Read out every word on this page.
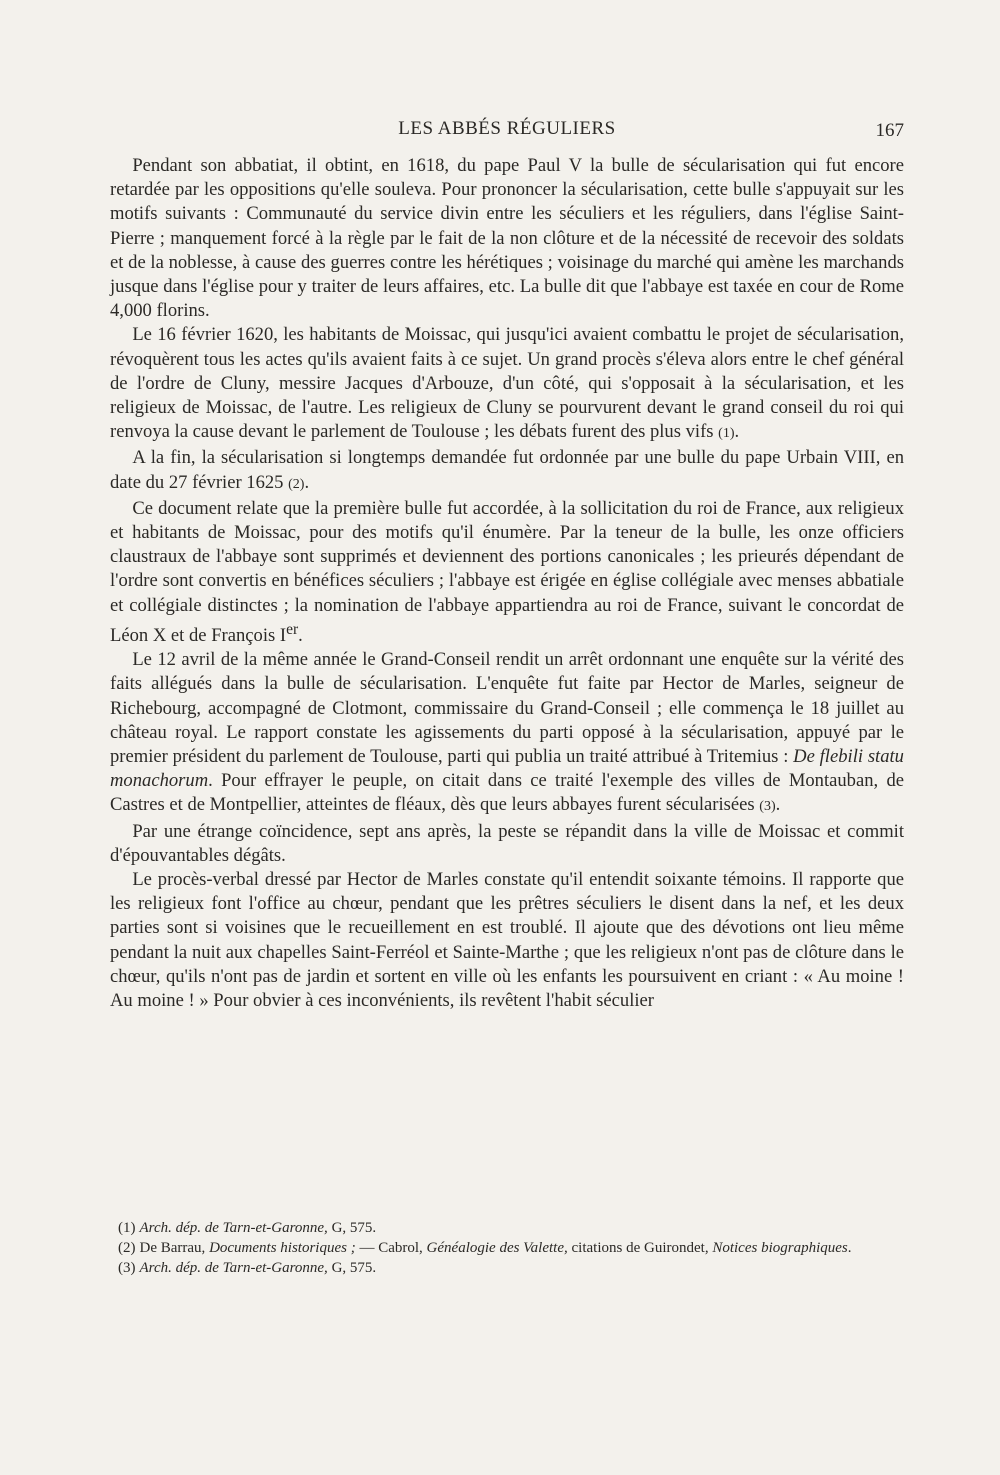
LES ABBÉS RÉGULIERS	167

Pendant son abbatiat, il obtint, en 1618, du pape Paul V la bulle de sécularisation qui fut encore retardée par les oppositions qu'elle souleva. Pour prononcer la sécularisation, cette bulle s'appuyait sur les motifs suivants : Communauté du service divin entre les séculiers et les réguliers, dans l'église Saint-Pierre ; manquement forcé à la règle par le fait de la non clôture et de la nécessité de recevoir des soldats et de la noblesse, à cause des guerres contre les hérétiques ; voisinage du marché qui amène les marchands jusque dans l'église pour y traiter de leurs affaires, etc. La bulle dit que l'abbaye est taxée en cour de Rome 4,000 florins.

Le 16 février 1620, les habitants de Moissac, qui jusqu'ici avaient combattu le projet de sécularisation, révoquèrent tous les actes qu'ils avaient faits à ce sujet. Un grand procès s'éleva alors entre le chef général de l'ordre de Cluny, messire Jacques d'Arbouze, d'un côté, qui s'opposait à la sécularisation, et les religieux de Moissac, de l'autre. Les religieux de Cluny se pourvurent devant le grand conseil du roi qui renvoya la cause devant le parlement de Toulouse ; les débats furent des plus vifs (1).

A la fin, la sécularisation si longtemps demandée fut ordonnée par une bulle du pape Urbain VIII, en date du 27 février 1625 (2).

Ce document relate que la première bulle fut accordée, à la sollicitation du roi de France, aux religieux et habitants de Moissac, pour des motifs qu'il énumère. Par la teneur de la bulle, les onze officiers claustraux de l'abbaye sont supprimés et deviennent des portions canonicales ; les prieurés dépendant de l'ordre sont convertis en bénéfices séculiers ; l'abbaye est érigée en église collégiale avec menses abbatiale et collégiale distinctes ; la nomination de l'abbaye appartiendra au roi de France, suivant le concordat de Léon X et de François Ier.

Le 12 avril de la même année le Grand-Conseil rendit un arrêt ordonnant une enquête sur la vérité des faits allégués dans la bulle de sécularisation. L'enquête fut faite par Hector de Marles, seigneur de Richebourg, accompagné de Clotmont, commissaire du Grand-Conseil ; elle commença le 18 juillet au château royal. Le rapport constate les agissements du parti opposé à la sécularisation, appuyé par le premier président du parlement de Toulouse, parti qui publia un traité attribué à Tritemius : De flebili statu monachorum. Pour effrayer le peuple, on citait dans ce traité l'exemple des villes de Montauban, de Castres et de Montpellier, atteintes de fléaux, dès que leurs abbayes furent sécularisées (3).

Par une étrange coïncidence, sept ans après, la peste se répandit dans la ville de Moissac et commit d'épouvantables dégâts.

Le procès-verbal dressé par Hector de Marles constate qu'il entendit soixante témoins. Il rapporte que les religieux font l'office au chœur, pendant que les prêtres séculiers le disent dans la nef, et les deux parties sont si voisines que le recueillement en est troublé. Il ajoute que des dévotions ont lieu même pendant la nuit aux chapelles Saint-Ferréol et Sainte-Marthe ; que les religieux n'ont pas de clôture dans le chœur, qu'ils n'ont pas de jardin et sortent en ville où les enfants les poursuivent en criant : « Au moine ! Au moine ! » Pour obvier à ces inconvénients, ils revêtent l'habit séculier

(1) Arch. dép. de Tarn-et-Garonne, G, 575.
(2) De Barrau, Documents historiques ; — Cabrol, Généalogie des Valette, citations de Guirondet, Notices biographiques.
(3) Arch. dép. de Tarn-et-Garonne, G, 575.
